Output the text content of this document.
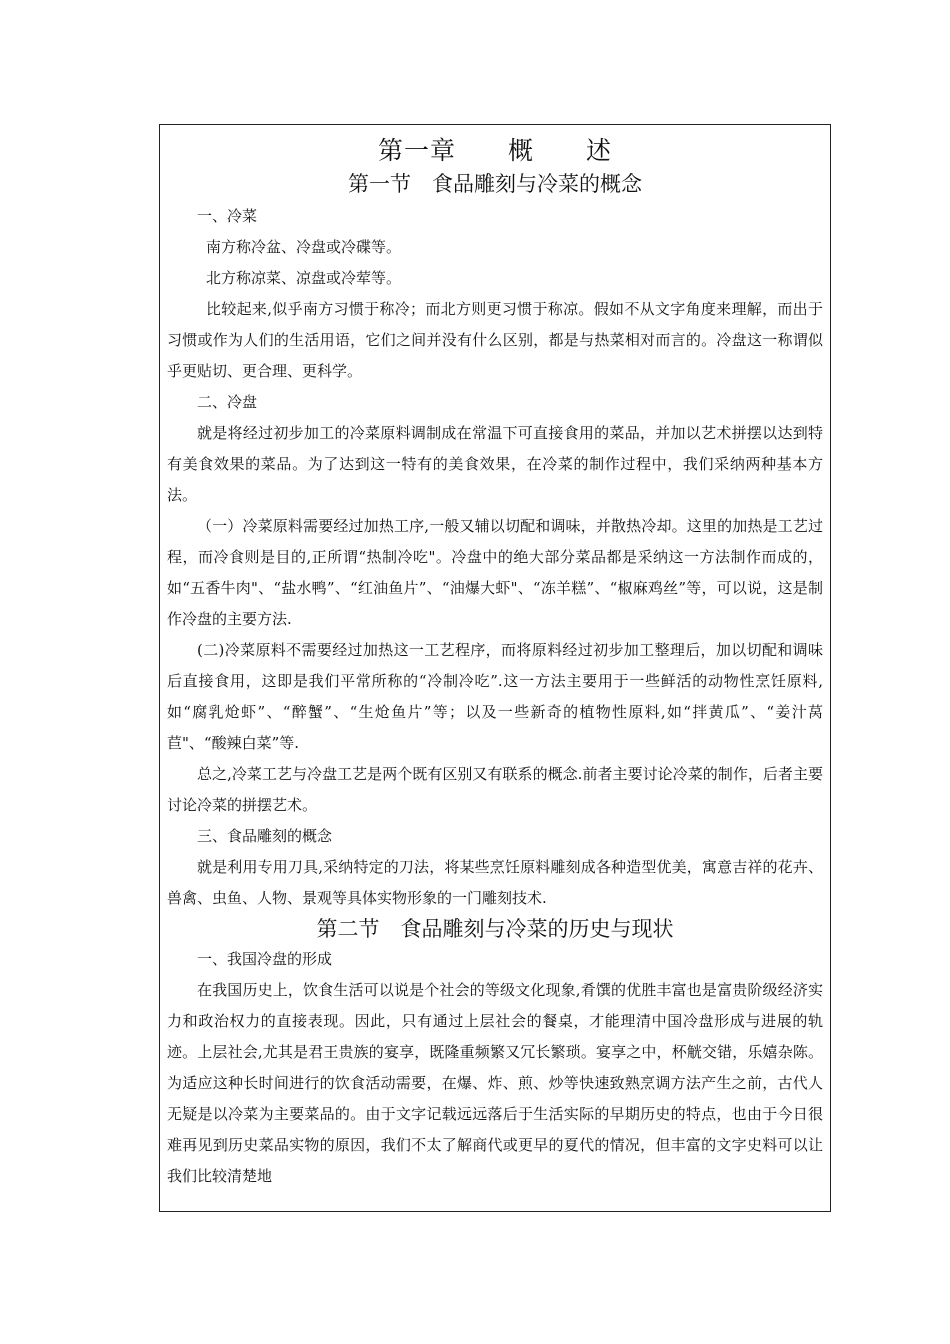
第一章　　概　　述
第一节　食品雕刻与冷菜的概念

一、冷菜

南方称冷盆、冷盘或冷碟等。

北方称凉菜、凉盘或冷荤等。

比较起来,似乎南方习惯于称冷；而北方则更习惯于称凉。假如不从文字角度来理解，而出于习惯或作为人们的生活用语，它们之间并没有什么区别，都是与热菜相对而言的。冷盘这一称谓似乎更贴切、更合理、更科学。

二、冷盘

就是将经过初步加工的冷菜原料调制成在常温下可直接食用的菜品，并加以艺术拼摆以达到特有美食效果的菜品。为了达到这一特有的美食效果，在冷菜的制作过程中，我们采纳两种基本方法。

（一）冷菜原料需要经过加热工序,一般又辅以切配和调味，并散热冷却。这里的加热是工艺过程，而冷食则是目的,正所谓“热制冷吃"。冷盘中的绝大部分菜品都是采纳这一方法制作而成的，如“五香牛肉"、“盐水鸭”、“红油鱼片”、“油爆大虾"、“冻羊糕”、“椒麻鸡丝”等，可以说，这是制作冷盘的主要方法.

(二)冷菜原料不需要经过加热这一工艺程序，而将原料经过初步加工整理后，加以切配和调味后直接食用，这即是我们平常所称的“冷制冷吃”.这一方法主要用于一些鲜活的动物性烹饪原料,如“腐乳炝虾”、“醉蟹”、“生炝鱼片”等；以及一些新奇的植物性原料,如“拌黄瓜”、“姜汁莴苣"、“酸辣白菜”等.

总之,冷菜工艺与冷盘工艺是两个既有区别又有联系的概念.前者主要讨论冷菜的制作，后者主要讨论冷菜的拼摆艺术。

三、食品雕刻的概念

就是利用专用刀具,采纳特定的刀法，将某些烹饪原料雕刻成各种造型优美，寓意吉祥的花卉、兽禽、虫鱼、人物、景观等具体实物形象的一门雕刻技术.

第二节　食品雕刻与冷菜的历史与现状

一、我国冷盘的形成

在我国历史上，饮食生活可以说是个社会的等级文化现象,肴馔的优胜丰富也是富贵阶级经济实力和政治权力的直接表现。因此，只有通过上层社会的餐桌，才能理清中国冷盘形成与进展的轨迹。上层社会,尤其是君王贵族的宴享，既隆重频繁又冗长繁琐。宴享之中，杯觥交错，乐嬉杂陈。为适应这种长时间进行的饮食活动需要，在爆、炸、煎、炒等快速致熟烹调方法产生之前，古代人无疑是以冷菜为主要菜品的。由于文字记载远远落后于生活实际的早期历史的特点，也由于今日很难再见到历史菜品实物的原因，我们不太了解商代或更早的夏代的情况，但丰富的文字史料可以让我们比较清楚地
